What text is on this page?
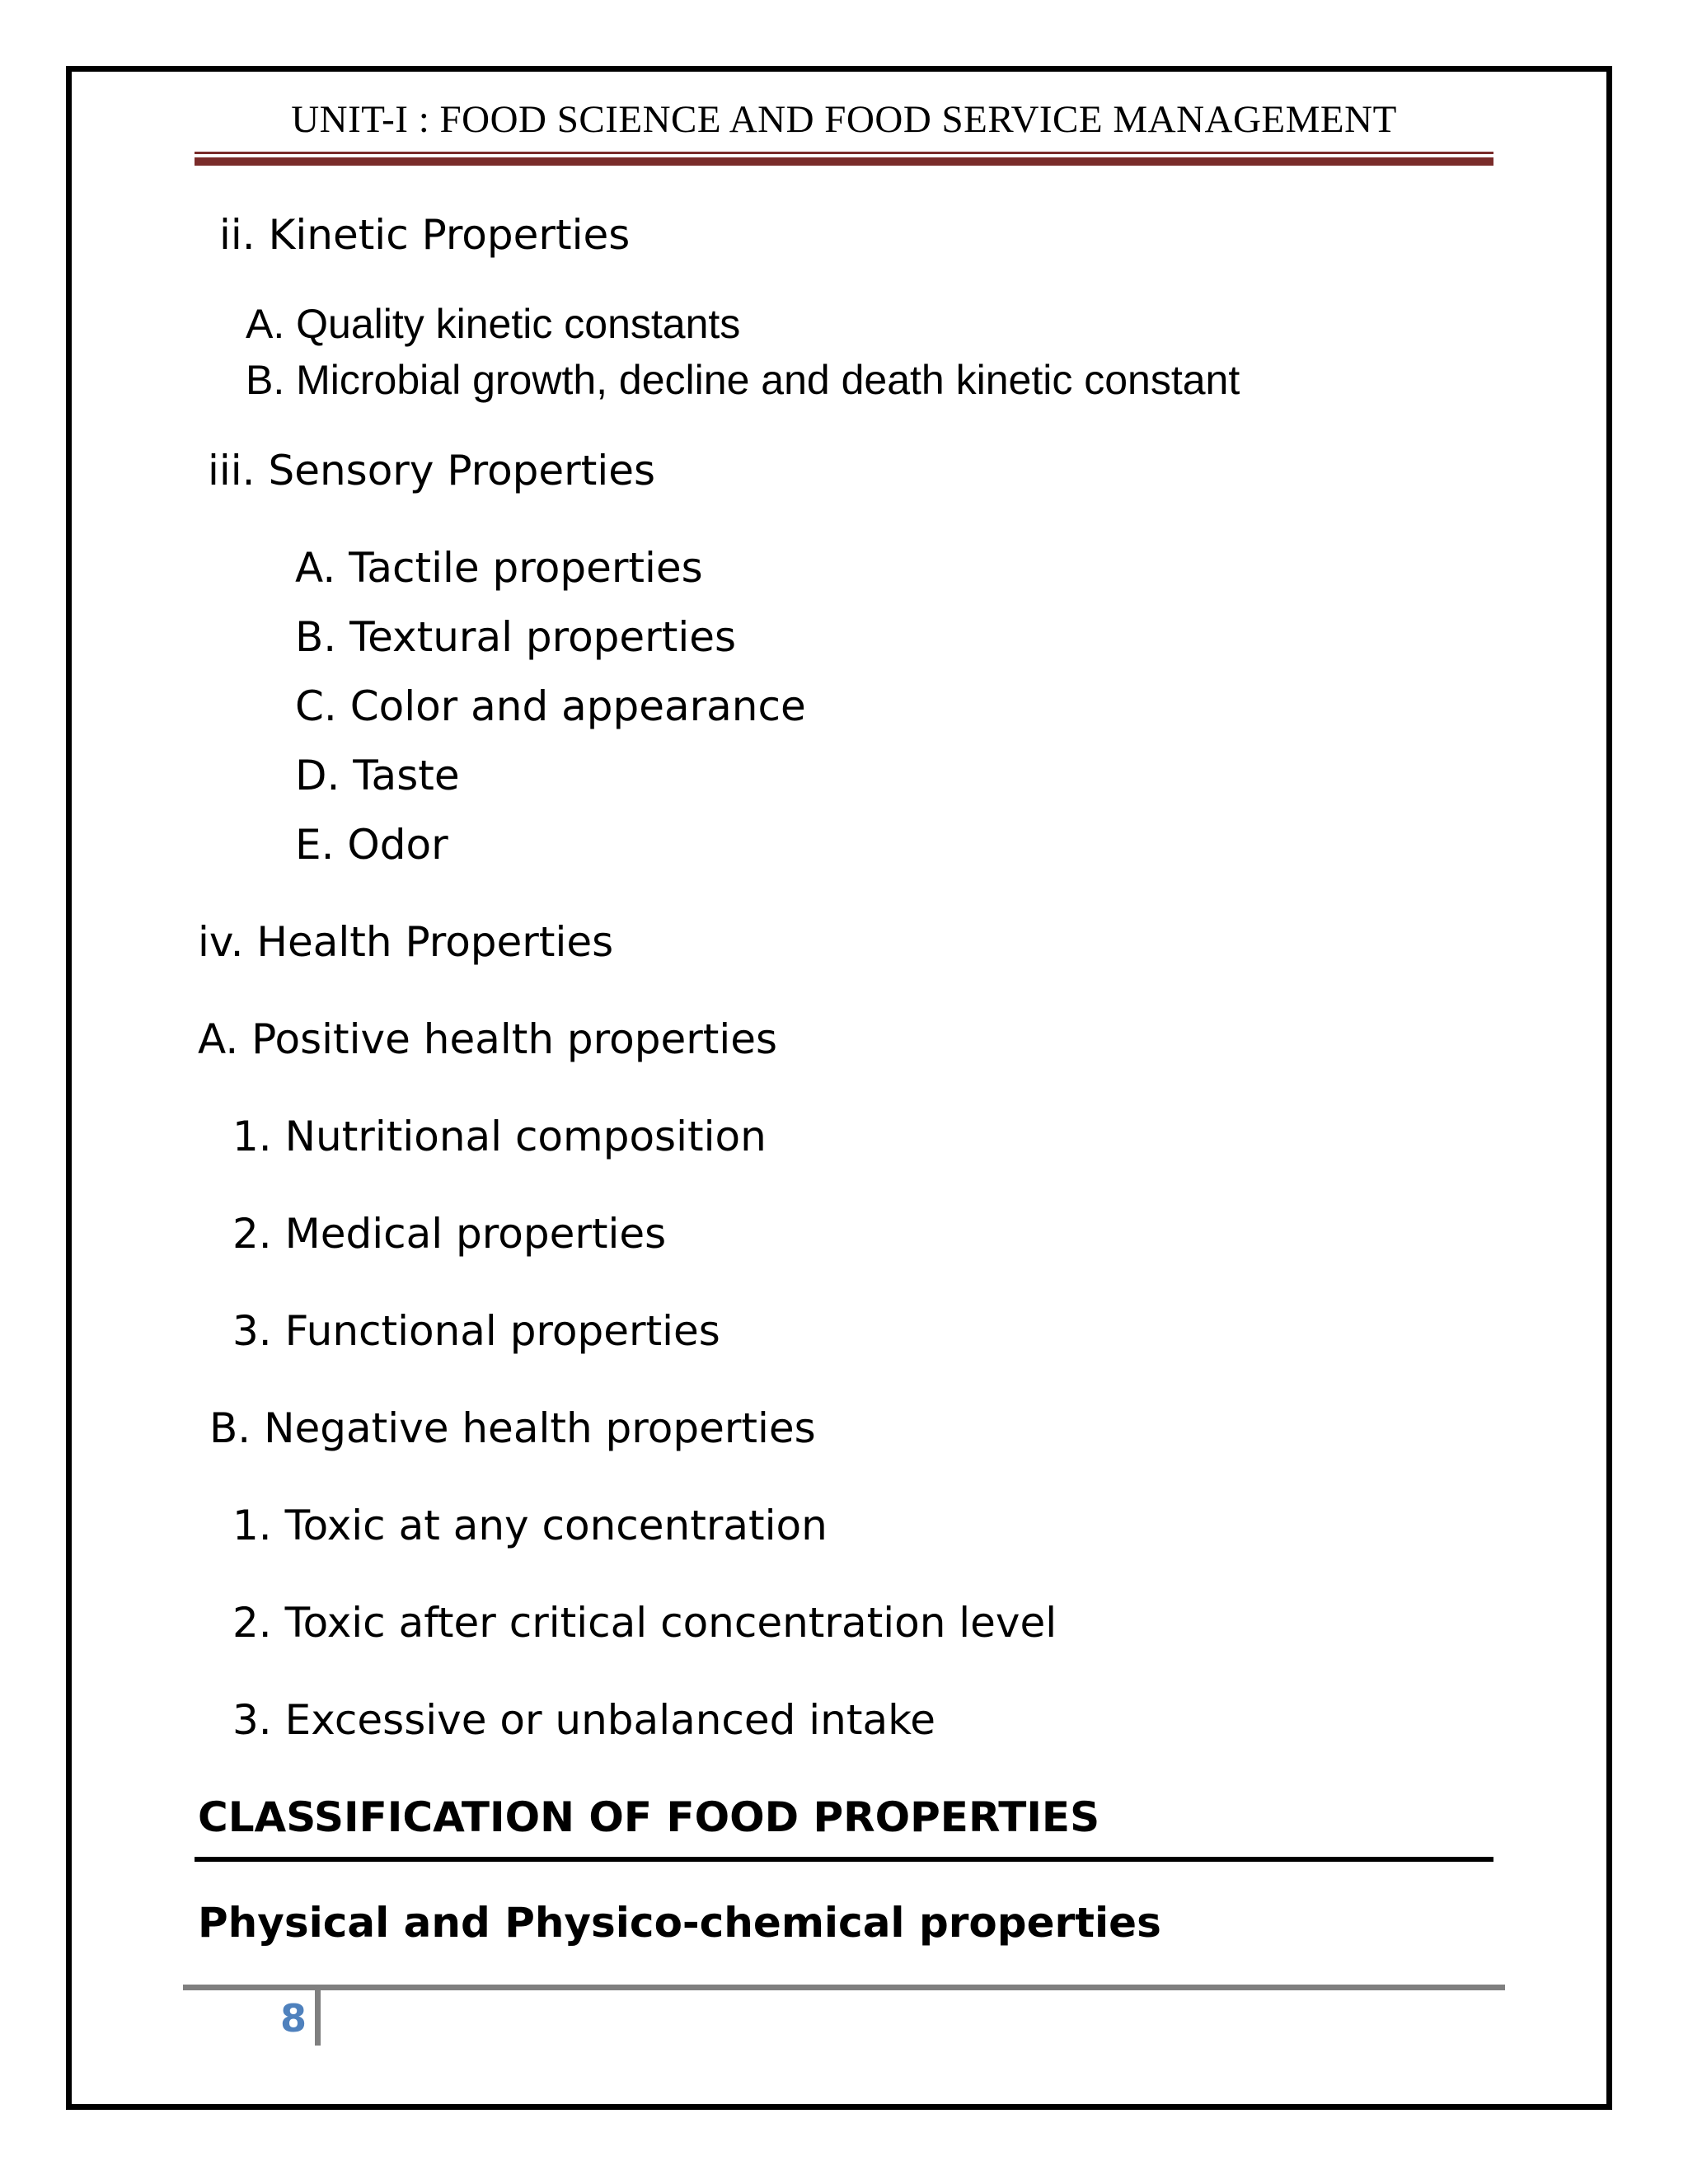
UNIT-I : FOOD SCIENCE AND FOOD SERVICE MANAGEMENT
ii. Kinetic Properties
A. Quality kinetic constants
B. Microbial growth, decline and death kinetic constant
iii. Sensory Properties
A. Tactile properties
B. Textural properties
C. Color and appearance
D. Taste
E. Odor
iv. Health Properties
A. Positive health properties
1. Nutritional composition
2. Medical properties
3. Functional properties
B. Negative health properties
1. Toxic at any concentration
2. Toxic after critical concentration level
3. Excessive or unbalanced intake
CLASSIFICATION OF FOOD PROPERTIES
Physical and Physico-chemical properties
8
